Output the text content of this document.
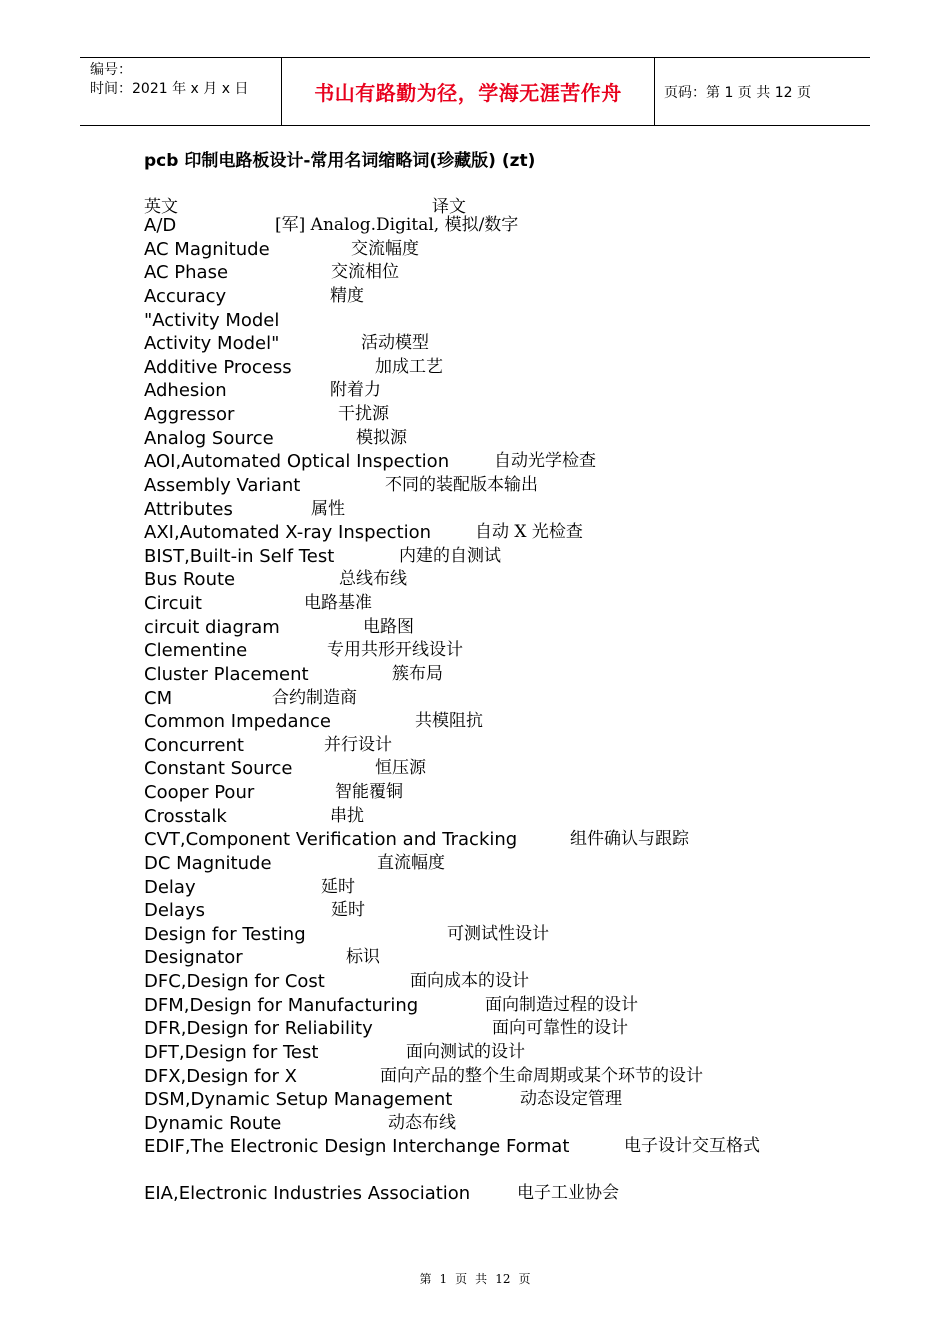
编号：
时间：2021 年 x 月 x 日	书山有路勤为径，学海无涯苦作舟	页码：第 1 页 共 12 页
pcb 印制电路板设计-常用名词缩略词(珍藏版) (zt)
英文	译文
A/D	[军] Analog.Digital, 模拟/数字
AC Magnitude	交流幅度
AC Phase	交流相位
Accuracy	精度
"Activity Model
Activity Model"	活动模型
Additive Process	加成工艺
Adhesion	附着力
Aggressor	干扰源
Analog Source	模拟源
AOI,Automated Optical Inspection	自动光学检查
Assembly Variant	不同的装配版本输出
Attributes	属性
AXI,Automated X-ray Inspection	自动 X 光检查
BIST,Built-in Self Test	内建的自测试
Bus Route	总线布线
Circuit	电路基准
circuit diagram	电路图
Clementine	专用共形开线设计
Cluster Placement	簇布局
CM	合约制造商
Common Impedance	共模阻抗
Concurrent	并行设计
Constant Source	恒压源
Cooper Pour	智能覆铜
Crosstalk	串扰
CVT,Component Verification and Tracking	组件确认与跟踪
DC Magnitude	直流幅度
Delay	延时
Delays	延时
Design for Testing	可测试性设计
Designator	标识
DFC,Design for Cost	面向成本的设计
DFM,Design for Manufacturing	面向制造过程的设计
DFR,Design for Reliability	面向可靠性的设计
DFT,Design for Test	面向测试的设计
DFX,Design for X	面向产品的整个生命周期或某个环节的设计
DSM,Dynamic Setup Management	动态设定管理
Dynamic Route	动态布线
EDIF,The Electronic Design Interchange Format	电子设计交互格式
EIA,Electronic Industries Association	电子工业协会
第 1 页 共 12 页
